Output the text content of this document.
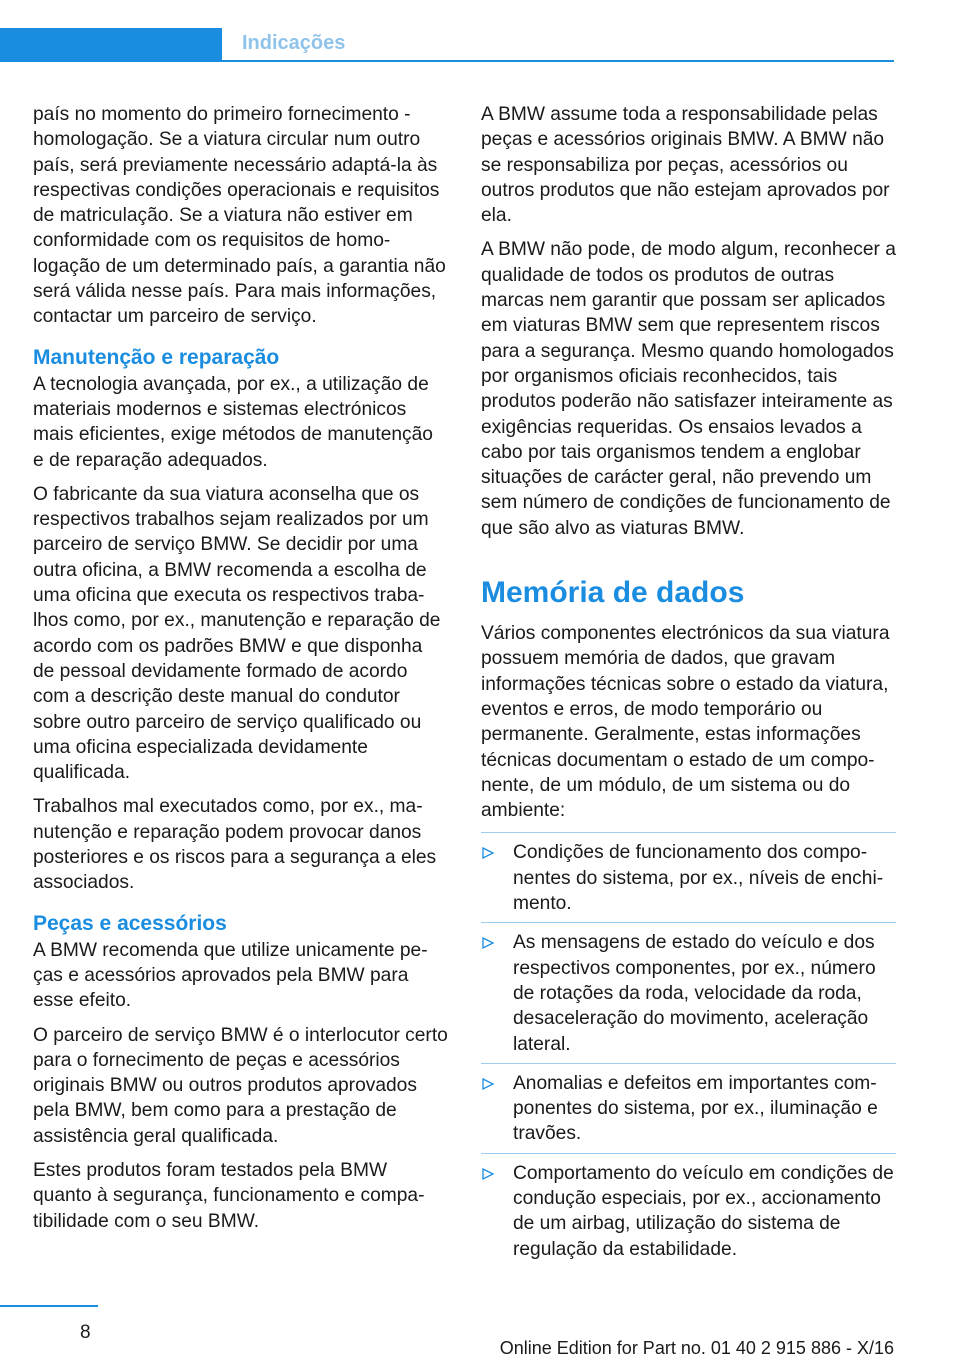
Indicações

país no momento do primeiro fornecimento - homologação. Se a viatura circular num outro país, será previamente necessário adaptá-la às respectivas condições operacionais e requisitos de matriculação. Se a viatura não estiver em conformidade com os requisitos de homologação de um determinado país, a garantia não será válida nesse país. Para mais informações, contactar um parceiro de serviço.

Manutenção e reparação

A tecnologia avançada, por ex., a utilização de materiais modernos e sistemas electrónicos mais eficientes, exige métodos de manutenção e de reparação adequados.

O fabricante da sua viatura aconselha que os respectivos trabalhos sejam realizados por um parceiro de serviço BMW. Se decidir por uma outra oficina, a BMW recomenda a escolha de uma oficina que executa os respectivos trabalhos como, por ex., manutenção e reparação de acordo com os padrões BMW e que disponha de pessoal devidamente formado de acordo com a descrição deste manual do condutor sobre outro parceiro de serviço qualificado ou uma oficina especializada devidamente qualificada.

Trabalhos mal executados como, por ex., manutenção e reparação podem provocar danos posteriores e os riscos para a segurança a eles associados.

Peças e acessórios

A BMW recomenda que utilize unicamente peças e acessórios aprovados pela BMW para esse efeito.

O parceiro de serviço BMW é o interlocutor certo para o fornecimento de peças e acessórios originais BMW ou outros produtos aprovados pela BMW, bem como para a prestação de assistência geral qualificada.

Estes produtos foram testados pela BMW quanto à segurança, funcionamento e compatibilidade com o seu BMW.

A BMW assume toda a responsabilidade pelas peças e acessórios originais BMW. A BMW não se responsabiliza por peças, acessórios ou outros produtos que não estejam aprovados por ela.

A BMW não pode, de modo algum, reconhecer a qualidade de todos os produtos de outras marcas nem garantir que possam ser aplicados em viaturas BMW sem que representem riscos para a segurança. Mesmo quando homologados por organismos oficiais reconhecidos, tais produtos poderão não satisfazer inteiramente as exigências requeridas. Os ensaios levados a cabo por tais organismos tendem a englobar situações de carácter geral, não prevendo um sem número de condições de funcionamento de que são alvo as viaturas BMW.

Memória de dados

Vários componentes electrónicos da sua viatura possuem memória de dados, que gravam informações técnicas sobre o estado da viatura, eventos e erros, de modo temporário ou permanente. Geralmente, estas informações técnicas documentam o estado de um componente, de um módulo, de um sistema ou do ambiente:

Condições de funcionamento dos componentes do sistema, por ex., níveis de enchimento.
As mensagens de estado do veículo e dos respectivos componentes, por ex., número de rotações da roda, velocidade da roda, desaceleração do movimento, aceleração lateral.
Anomalias e defeitos em importantes componentes do sistema, por ex., iluminação e travões.
Comportamento do veículo em condições de condução especiais, por ex., accionamento de um airbag, utilização do sistema de regulação da estabilidade.
8
Online Edition for Part no. 01 40 2 915 886 - X/16
